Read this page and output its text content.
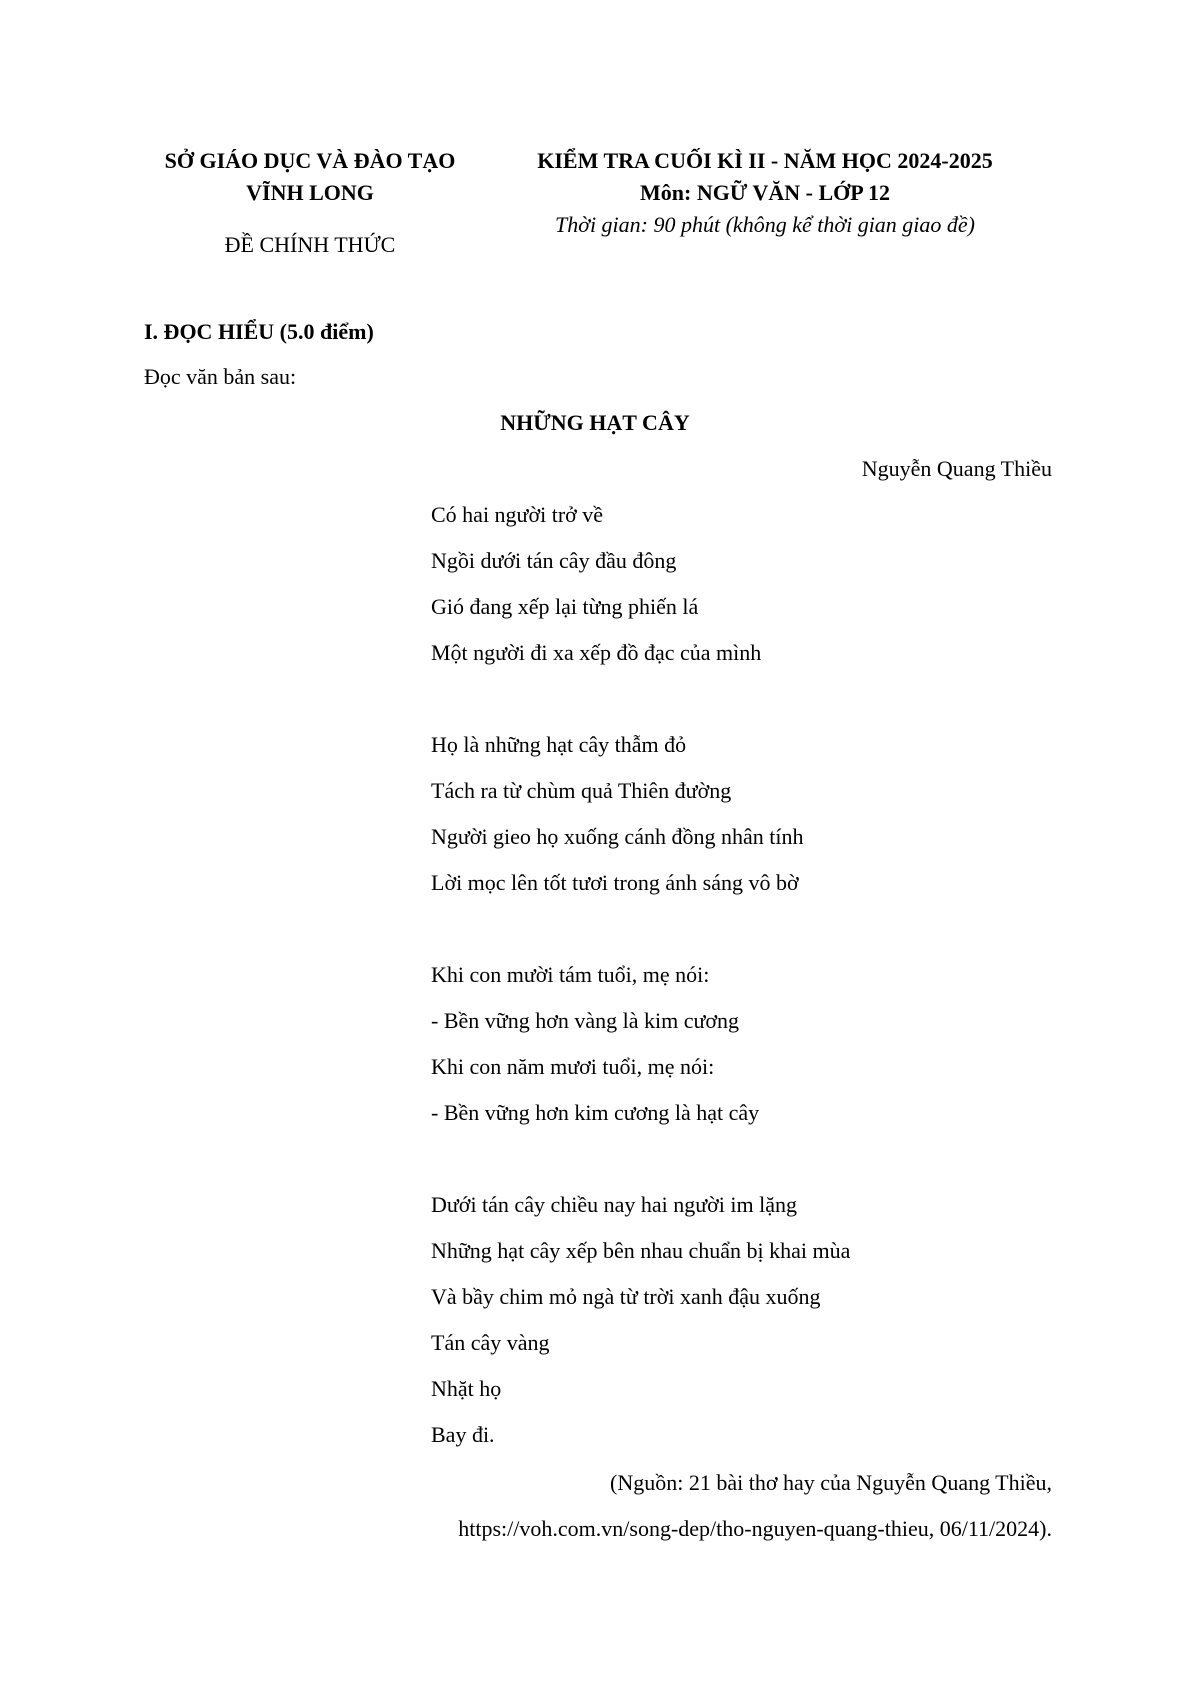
SỞ GIÁO DỤC VÀ ĐÀO TẠO
VĨNH LONG
ĐỀ CHÍNH THỨC
KIỂM TRA CUỐI KÌ II - NĂM HỌC 2024-2025
Môn: NGỮ VĂN - LỚP 12
Thời gian: 90 phút (không kể thời gian giao đề)
I. ĐỌC HIỂU (5.0 điểm)
Đọc văn bản sau:
NHỮNG HẠT CÂY
Nguyễn Quang Thiều
Có hai người trở về
Ngồi dưới tán cây đầu đông
Gió đang xếp lại từng phiến lá
Một người đi xa xếp đồ đạc của mình
Họ là những hạt cây thẫm đỏ
Tách ra từ chùm quả Thiên đường
Người gieo họ xuống cánh đồng nhân tính
Lời mọc lên tốt tươi trong ánh sáng vô bờ
Khi con mười tám tuổi, mẹ nói:
- Bền vững hơn vàng là kim cương
Khi con năm mươi tuổi, mẹ nói:
- Bền vững hơn kim cương là hạt cây
Dưới tán cây chiều nay hai người im lặng
Những hạt cây xếp bên nhau chuẩn bị khai mùa
Và bầy chim mỏ ngà từ trời xanh đậu xuống
Tán cây vàng
Nhặt họ
Bay đi.
(Nguồn: 21 bài thơ hay của Nguyễn Quang Thiều,
https://voh.com.vn/song-dep/tho-nguyen-quang-thieu, 06/11/2024).
